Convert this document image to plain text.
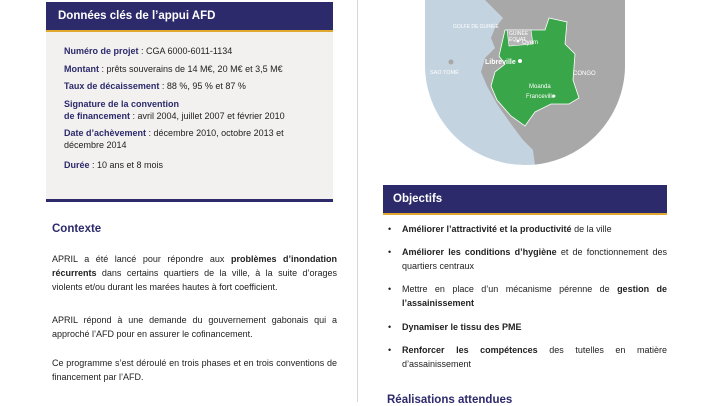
Données clés de l’appui AFD
Numéro de projet : CGA 6000-6011-1134
Montant : prêts souverains de 14 M€, 20 M€ et 3,5 M€
Taux de décaissement : 88 %, 95 % et 87 %
Signature de la convention
de financement : avril 2004, juillet 2007 et février 2010
Date d’achèvement : décembre 2010, octobre 2013 et
décembre 2014
Durée : 10 ans et 8 mois
Contexte
APRIL a été lancé pour répondre aux problèmes d’inondation récurrents dans certains quartiers de la ville, à la suite d’orages violents et/ou durant les marées hautes à fort coefficient.
APRIL répond à une demande du gouvernement gabonais qui a approché l’AFD pour en assurer le cofinancement.
Ce programme s’est déroulé en trois phases et en trois conventions de financement par l’AFD.
GOLFE DE GUINÉE
GUINÉE
ÉQUAT.
Oyem
Libreville
SAO TOMÉ	CONGO
Moanda
Franceville
Objectifs
• Améliorer l’attractivité et la productivité de la ville
• Améliorer les conditions d’hygiène et de fonctionnement des quartiers centraux
• Mettre en place d’un mécanisme pérenne de gestion de l’assainissement
• Dynamiser le tissu des PME
• Renforcer les compétences des tutelles en matière d’assainissement
Réalisations attendues
